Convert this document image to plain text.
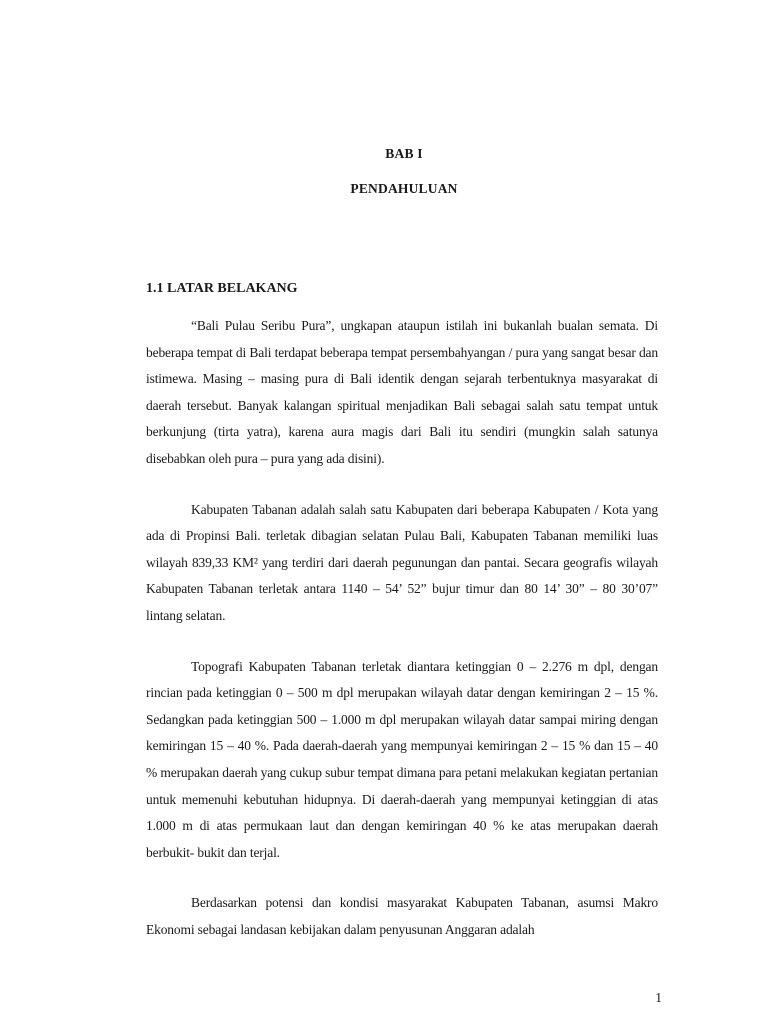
BAB I
PENDAHULUAN
1.1 LATAR BELAKANG

“Bali Pulau Seribu Pura”, ungkapan ataupun istilah ini bukanlah bualan semata. Di beberapa tempat di Bali terdapat beberapa tempat persembahyangan / pura yang sangat besar dan istimewa. Masing – masing pura di Bali identik dengan sejarah terbentuknya masyarakat di daerah tersebut. Banyak kalangan spiritual menjadikan Bali sebagai salah satu tempat untuk berkunjung (tirta yatra), karena aura magis dari Bali itu sendiri (mungkin salah satunya disebabkan oleh pura – pura yang ada disini).

Kabupaten Tabanan adalah salah satu Kabupaten dari beberapa Kabupaten / Kota yang ada di Propinsi Bali. terletak dibagian selatan Pulau Bali, Kabupaten Tabanan memiliki luas wilayah 839,33 KM² yang terdiri dari daerah pegunungan dan pantai. Secara geografis wilayah Kabupaten Tabanan terletak antara 1140 – 54’ 52” bujur timur dan 80 14’ 30” – 80 30’07” lintang selatan.

Topografi Kabupaten Tabanan terletak diantara ketinggian 0 – 2.276 m dpl, dengan rincian pada ketinggian 0 – 500 m dpl merupakan wilayah datar dengan kemiringan 2 – 15 %. Sedangkan pada ketinggian 500 – 1.000 m dpl merupakan wilayah datar sampai miring dengan kemiringan 15 – 40 %. Pada daerah-daerah yang mempunyai kemiringan 2 – 15 % dan 15 – 40 % merupakan daerah yang cukup subur tempat dimana para petani melakukan kegiatan pertanian untuk memenuhi kebutuhan hidupnya. Di daerah-daerah yang mempunyai ketinggian di atas 1.000 m di atas permukaan laut dan dengan kemiringan 40 % ke atas merupakan daerah berbukit- bukit dan terjal.

Berdasarkan potensi dan kondisi masyarakat Kabupaten Tabanan, asumsi Makro Ekonomi sebagai landasan kebijakan dalam penyusunan Anggaran adalah

1
